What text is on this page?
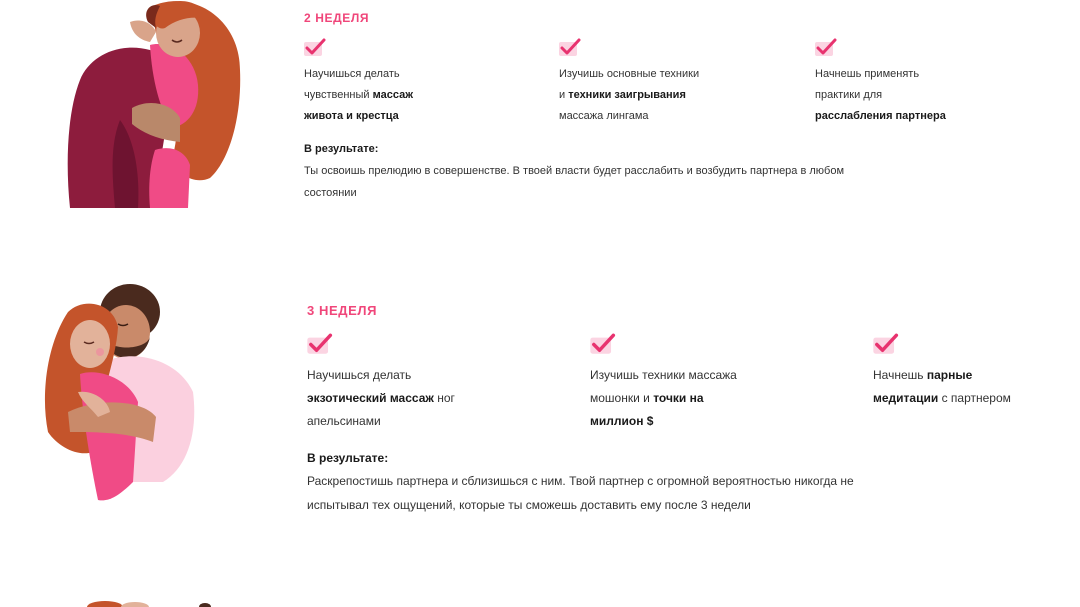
2 НЕДЕЛЯ
Научишься делать
чувственный массаж
живота и крестца
Изучишь основные техники
и техники заигрывания
массажа лингама
Начнешь применять
практики для
расслабления партнера
В результате:
Ты освоишь прелюдию в совершенстве. В твоей власти будет расслабить и возбудить партнера в любом
состоянии
3 НЕДЕЛЯ
Научишься делать
экзотический массаж ног
апельсинами
Изучишь техники массажа
мошонки и точки на
миллион $
Начнешь парные
медитации с партнером
В результате:
Раскрепостишь партнера и сблизишься с ним. Твой партнер с огромной вероятностью никогда не
испытывал тех ощущений, которые ты сможешь доставить ему после 3 недели
